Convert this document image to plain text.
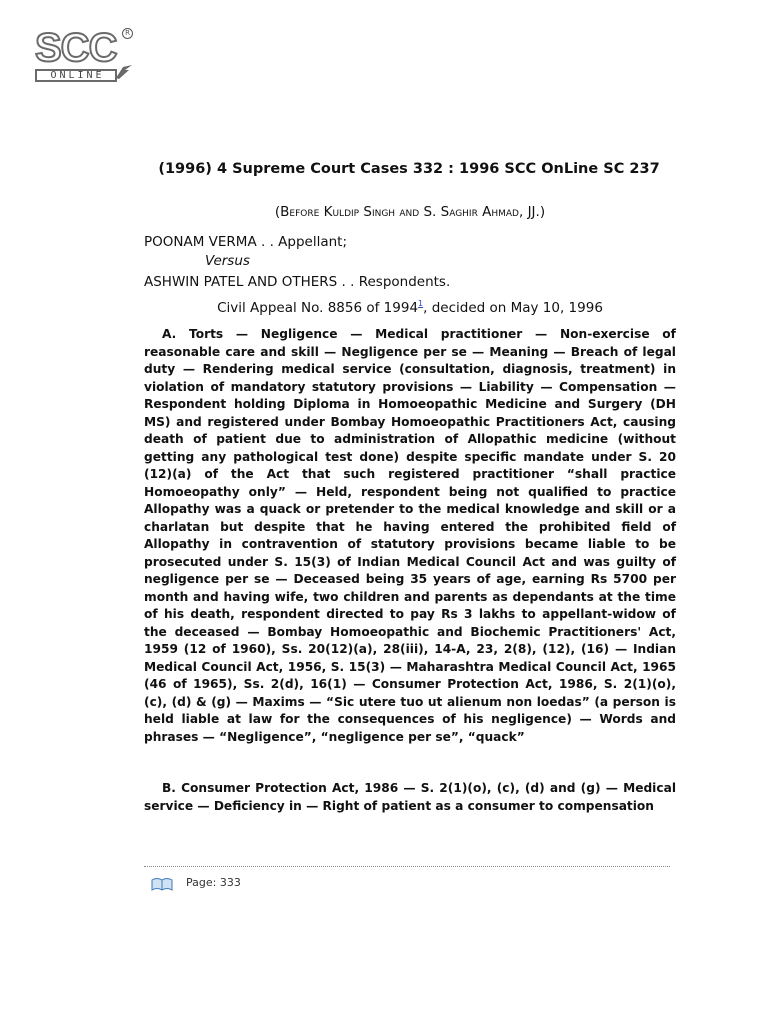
SCC	R
ONLINE
(1996) 4 Supreme Court Cases 332 : 1996 SCC OnLine SC 237
(Before Kuldip Singh and S. Saghir Ahmad, JJ.)
POONAM VERMA . . Appellant;
Versus
ASHWIN PATEL AND OTHERS . . Respondents.
Civil Appeal No. 8856 of 1994$^1$, decided on May 10, 1996

A. Torts — Negligence — Medical practitioner — Non-exercise of reasonable care and skill — Negligence per se — Meaning — Breach of legal duty — Rendering medical service (consultation, diagnosis, treatment) in violation of mandatory statutory provisions — Liability — Compensation — Respondent holding Diploma in Homoeopathic Medicine and Surgery (DH MS) and registered under Bombay Homoeopathic Practitioners Act, causing death of patient due to administration of Allopathic medicine (without getting any pathological test done) despite specific mandate under S. 20 (12)(a) of the Act that such registered practitioner “shall practice Homoeopathy only” — Held, respondent being not qualified to practice Allopathy was a quack or pretender to the medical knowledge and skill or a charlatan but despite that he having entered the prohibited field of Allopathy in contravention of statutory provisions became liable to be prosecuted under S. 15(3) of Indian Medical Council Act and was guilty of negligence per se — Deceased being 35 years of age, earning Rs 5700 per month and having wife, two children and parents as dependants at the time of his death, respondent directed to pay Rs 3 lakhs to appellant-widow of the deceased — Bombay Homoeopathic and Biochemic Practitioners' Act, 1959 (12 of 1960), Ss. 20(12)(a), 28(iii), 14-A, 23, 2(8), (12), (16) — Indian Medical Council Act, 1956, S. 15(3) — Maharashtra Medical Council Act, 1965 (46 of 1965), Ss. 2(d), 16(1) — Consumer Protection Act, 1986, S. 2(1)(o), (c), (d) & (g) — Maxims — “Sic utere tuo ut alienum non loedas” (a person is held liable at law for the consequences of his negligence) — Words and phrases — “Negligence”, “negligence per se”, “quack”

B. Consumer Protection Act, 1986 — S. 2(1)(o), (c), (d) and (g) — Medical service — Deficiency in — Right of patient as a consumer to compensation

Page: 333
